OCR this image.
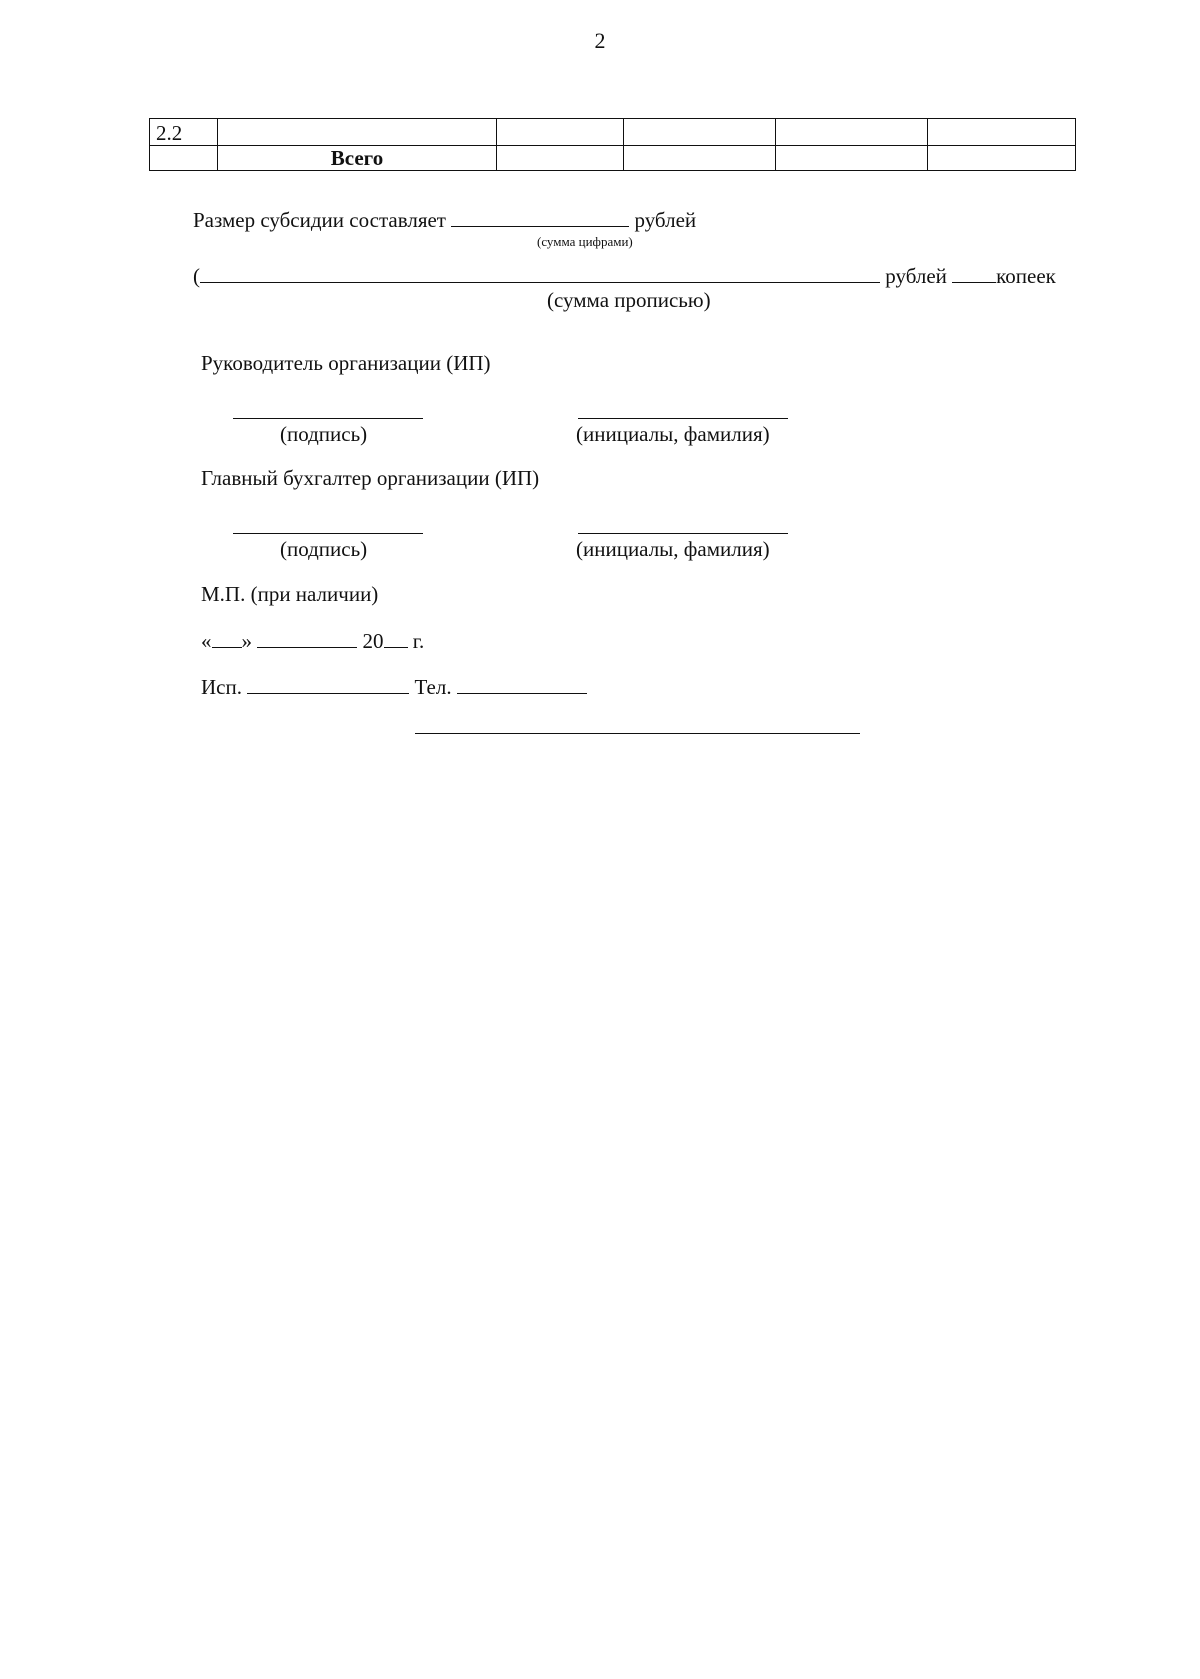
2
2.2					
	Всего				
Размер субсидии составляет	рублей
(сумма цифрами)
(	рублей копеек
(сумма прописью)
Руководитель организации (ИП)
(подпись)	(инициалы, фамилия)
Главный бухгалтер организации (ИП)
(подпись)	(инициалы, фамилия)
М.П. (при наличии)
« »	20 г.
Исп.	Тел.
